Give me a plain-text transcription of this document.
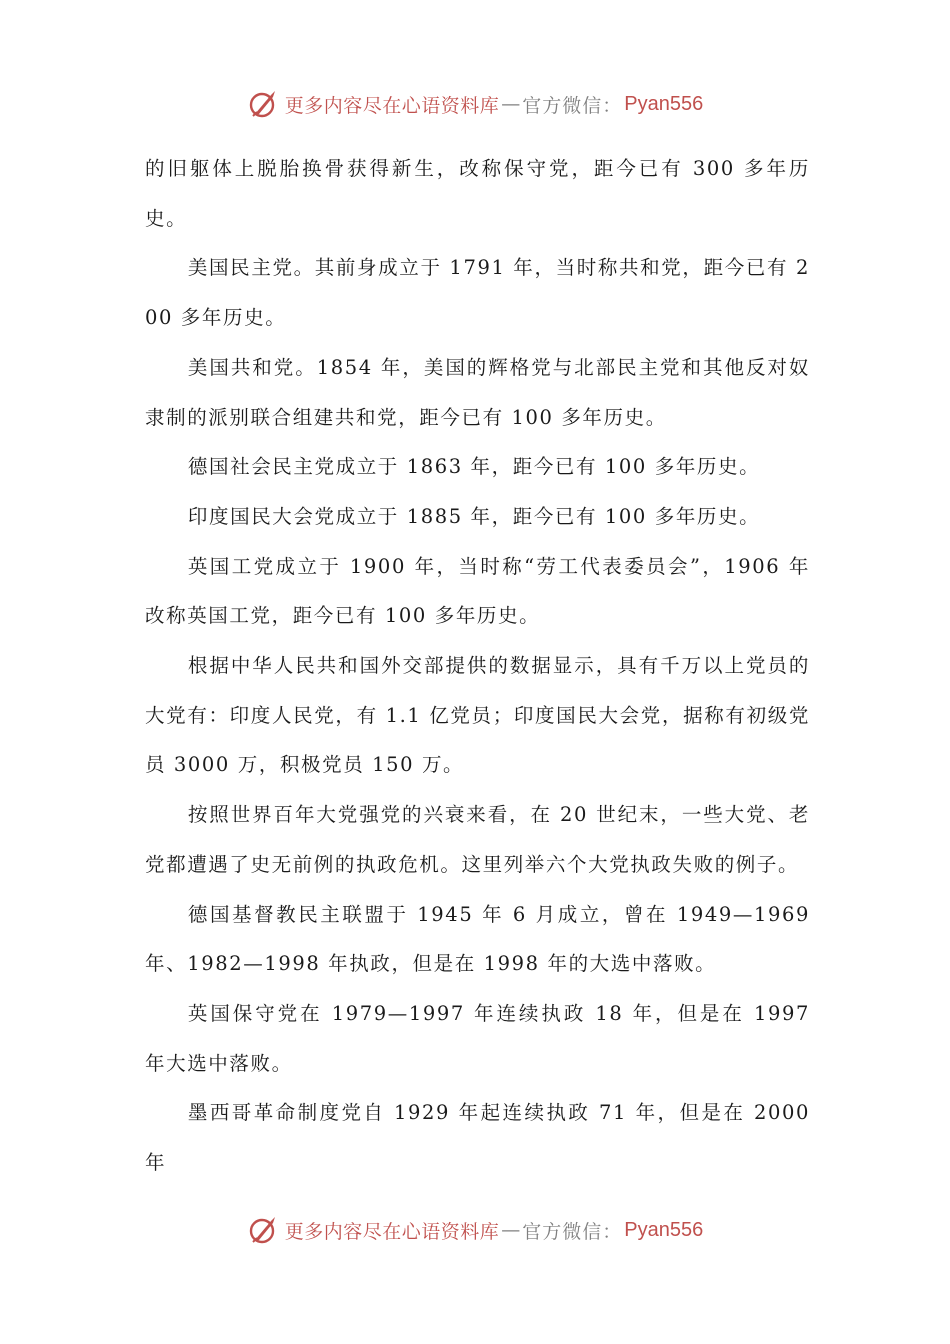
更多内容尽在心语资料库 — 官方微信： Pyan556

的旧躯体上脱胎换骨获得新生，改称保守党，距今已有 300 多年历史。

美国民主党。其前身成立于 1791 年，当时称共和党，距今已有 200 多年历史。

美国共和党。1854 年，美国的辉格党与北部民主党和其他反对奴隶制的派别联合组建共和党，距今已有 100 多年历史。

德国社会民主党成立于 1863 年，距今已有 100 多年历史。

印度国民大会党成立于 1885 年，距今已有 100 多年历史。

英国工党成立于 1900 年，当时称“劳工代表委员会”，1906 年改称英国工党，距今已有 100 多年历史。

根据中华人民共和国外交部提供的数据显示，具有千万以上党员的大党有：印度人民党，有 1.1 亿党员；印度国民大会党，据称有初级党员 3000 万，积极党员 150 万。

按照世界百年大党强党的兴衰来看，在 20 世纪末，一些大党、老党都遭遇了史无前例的执政危机。这里列举六个大党执政失败的例子。

德国基督教民主联盟于 1945 年 6 月成立，曾在 1949—1969 年、1982—1998 年执政，但是在 1998 年的大选中落败。

英国保守党在 1979—1997 年连续执政 18 年，但是在 1997 年大选中落败。

墨西哥革命制度党自 1929 年起连续执政 71 年，但是在 2000 年

更多内容尽在心语资料库 — 官方微信： Pyan556
